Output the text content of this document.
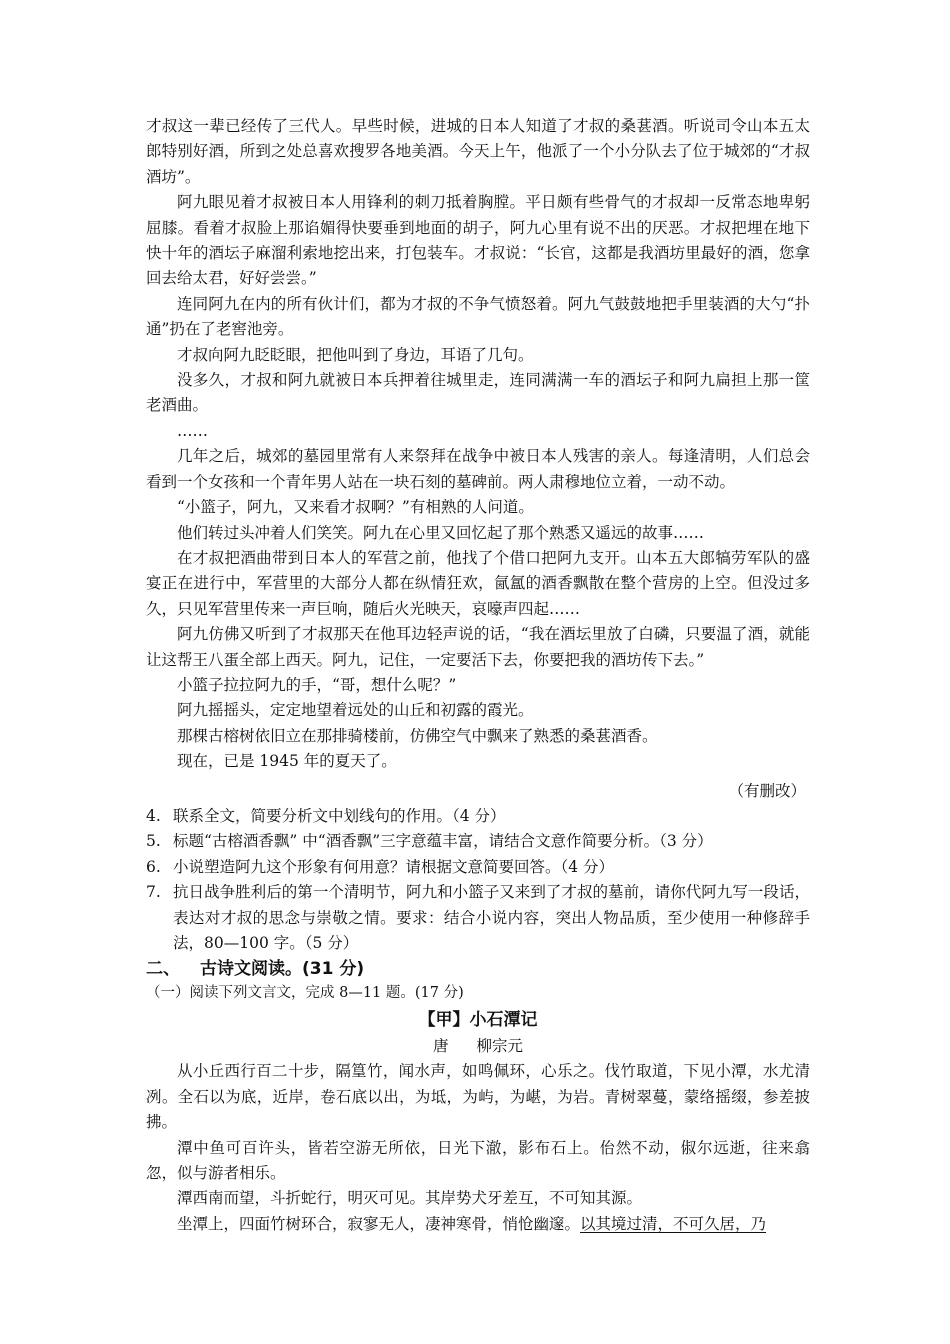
才叔这一辈已经传了三代人。早些时候，进城的日本人知道了才叔的桑葚酒。听说司令山本五太郎特别好酒，所到之处总喜欢搜罗各地美酒。今天上午，他派了一个小分队去了位于城郊的“才叔酒坊”。

阿九眼见着才叔被日本人用锋利的刺刀抵着胸膛。平日颇有些骨气的才叔却一反常态地卑躬屈膝。看着才叔脸上那谄媚得快要垂到地面的胡子，阿九心里有说不出的厌恶。才叔把埋在地下快十年的酒坛子麻溜利索地挖出来，打包装车。才叔说：“长官，这都是我酒坊里最好的酒，您拿回去给太君，好好尝尝。”

连同阿九在内的所有伙计们，都为才叔的不争气愤怒着。阿九气鼓鼓地把手里装酒的大勺“扑通”扔在了老窖池旁。

才叔向阿九眨眨眼，把他叫到了身边，耳语了几句。

没多久，才叔和阿九就被日本兵押着往城里走，连同满满一车的酒坛子和阿九扁担上那一筐老酒曲。

……

几年之后，城郊的墓园里常有人来祭拜在战争中被日本人残害的亲人。每逢清明，人们总会看到一个女孩和一个青年男人站在一块石刻的墓碑前。两人肃穆地位立着，一动不动。

“小篮子，阿九，又来看才叔啊？”有相熟的人问道。

他们转过头冲着人们笑笑。阿九在心里又回忆起了那个熟悉又遥远的故事……

在才叔把酒曲带到日本人的军营之前，他找了个借口把阿九支开。山本五大郎犒劳军队的盛宴正在进行中，军营里的大部分人都在纵情狂欢，氤氲的酒香飘散在整个营房的上空。但没过多久，只见军营里传来一声巨响，随后火光映天，哀嚎声四起……

阿九仿佛又听到了才叔那天在他耳边轻声说的话，“我在酒坛里放了白磷，只要温了酒，就能让这帮王八蛋全部上西天。阿九，记住，一定要活下去，你要把我的酒坊传下去。”

小篮子拉拉阿九的手，“哥，想什么呢？”

阿九摇摇头，定定地望着远处的山丘和初露的霞光。

那棵古榕树依旧立在那排骑楼前，仿佛空气中飘来了熟悉的桑葚酒香。

现在，已是 1945 年的夏天了。

（有删改）

4. 联系全文，简要分析文中划线句的作用。（4 分）
5. 标题“古榕酒香飘” 中“酒香飘”三字意蕴丰富，请结合文意作简要分析。（3 分）
6. 小说塑造阿九这个形象有何用意？请根据文意简要回答。（4 分）
7. 抗日战争胜利后的第一个清明节，阿九和小篮子又来到了才叔的墓前，请你代阿九写一段话，表达对才叔的思念与崇敬之情。要求：结合小说内容，突出人物品质，至少使用一种修辞手法，80—100 字。（5 分）

二、 古诗文阅读。(31 分)

（一）阅读下列文言文，完成 8—11 题。(17 分)

【甲】小石潭记

唐 柳宗元

从小丘西行百二十步，隔篁竹，闻水声，如鸣佩环，心乐之。伐竹取道，下见小潭，水尤清冽。全石以为底，近岸，卷石底以出，为坻，为屿，为嵁，为岩。青树翠蔓，蒙络摇缀，参差披拂。

潭中鱼可百许头，皆若空游无所依，日光下澈，影布石上。佁然不动，俶尔远逝，往来翕忽，似与游者相乐。

潭西南而望，斗折蛇行，明灭可见。其岸势犬牙差互，不可知其源。

坐潭上，四面竹树环合，寂寥无人，凄神寒骨，悄怆幽邃。以其境过清，不可久居，乃
